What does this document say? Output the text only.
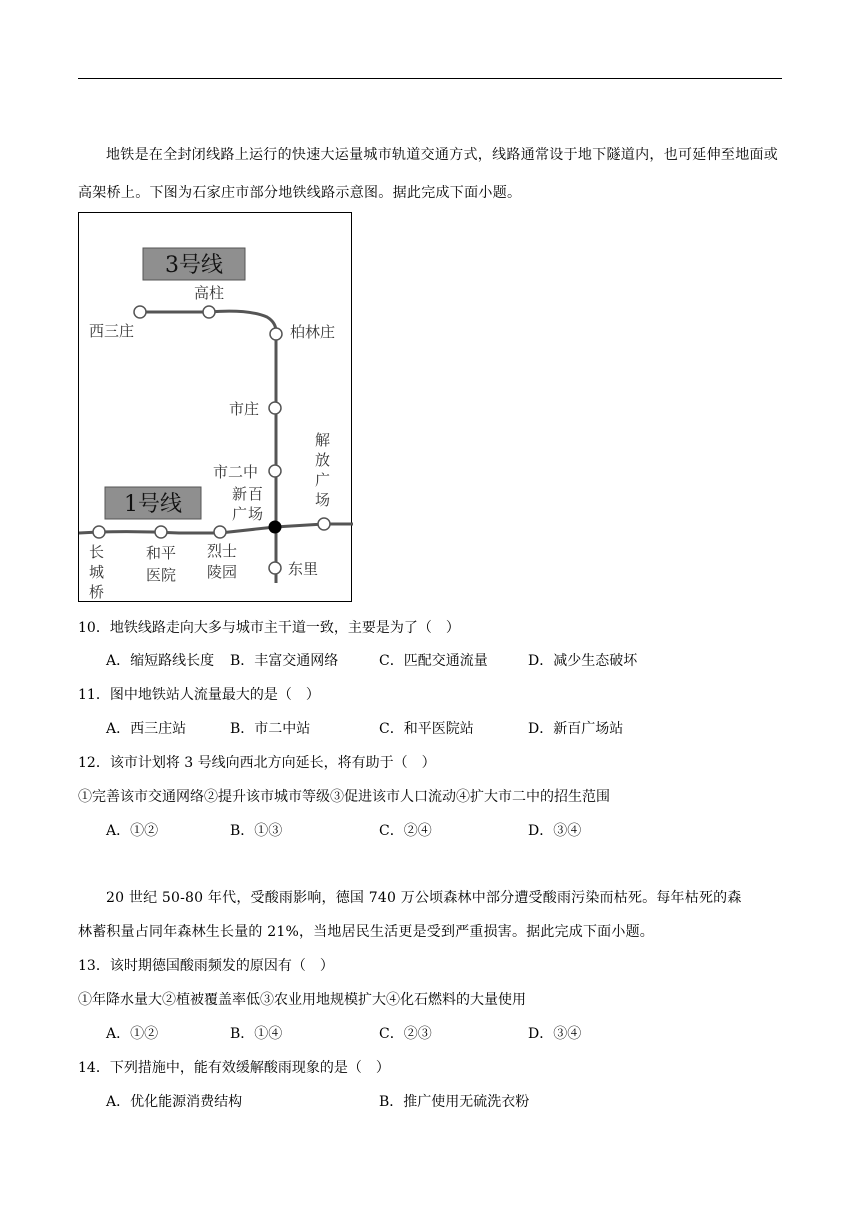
地铁是在全封闭线路上运行的快速大运量城市轨道交通方式，线路通常设于地下隧道内，也可延伸至地面或高架桥上。下图为石家庄市部分地铁线路示意图。据此完成下面小题。

3号线
1号线
西三庄
高柱
柏林庄
市庄
市二中
新 百
广 场
解
放
广
场
东里
长
城
桥
和平
医院
烈士
陵园
10．地铁线路走向大多与城市主干道一致，主要是为了（　）
A．缩短路线长度 B．丰富交通网络	C．匹配交通流量	D．减少生态破坏
11．图中地铁站人流量最大的是（　）
A．西三庄站	B．市二中站	C．和平医院站	D．新百广场站
12．该市计划将 3 号线向西北方向延长，将有助于（　）
①完善该市交通网络②提升该市城市等级③促进该市人口流动④扩大市二中的招生范围
A．①②	B．①③	C．②④	D．③④
20 世纪 50-80 年代，受酸雨影响，德国 740 万公顷森林中部分遭受酸雨污染而枯死。每年枯死的森
林蓄积量占同年森林生长量的 21%，当地居民生活更是受到严重损害。据此完成下面小题。
13．该时期德国酸雨频发的原因有（　）
①年降水量大②植被覆盖率低③农业用地规模扩大④化石燃料的大量使用
A．①②	B．①④	C．②③	D．③④
14．下列措施中，能有效缓解酸雨现象的是（　）
A．优化能源消费结构	B．推广使用无硫洗衣粉
